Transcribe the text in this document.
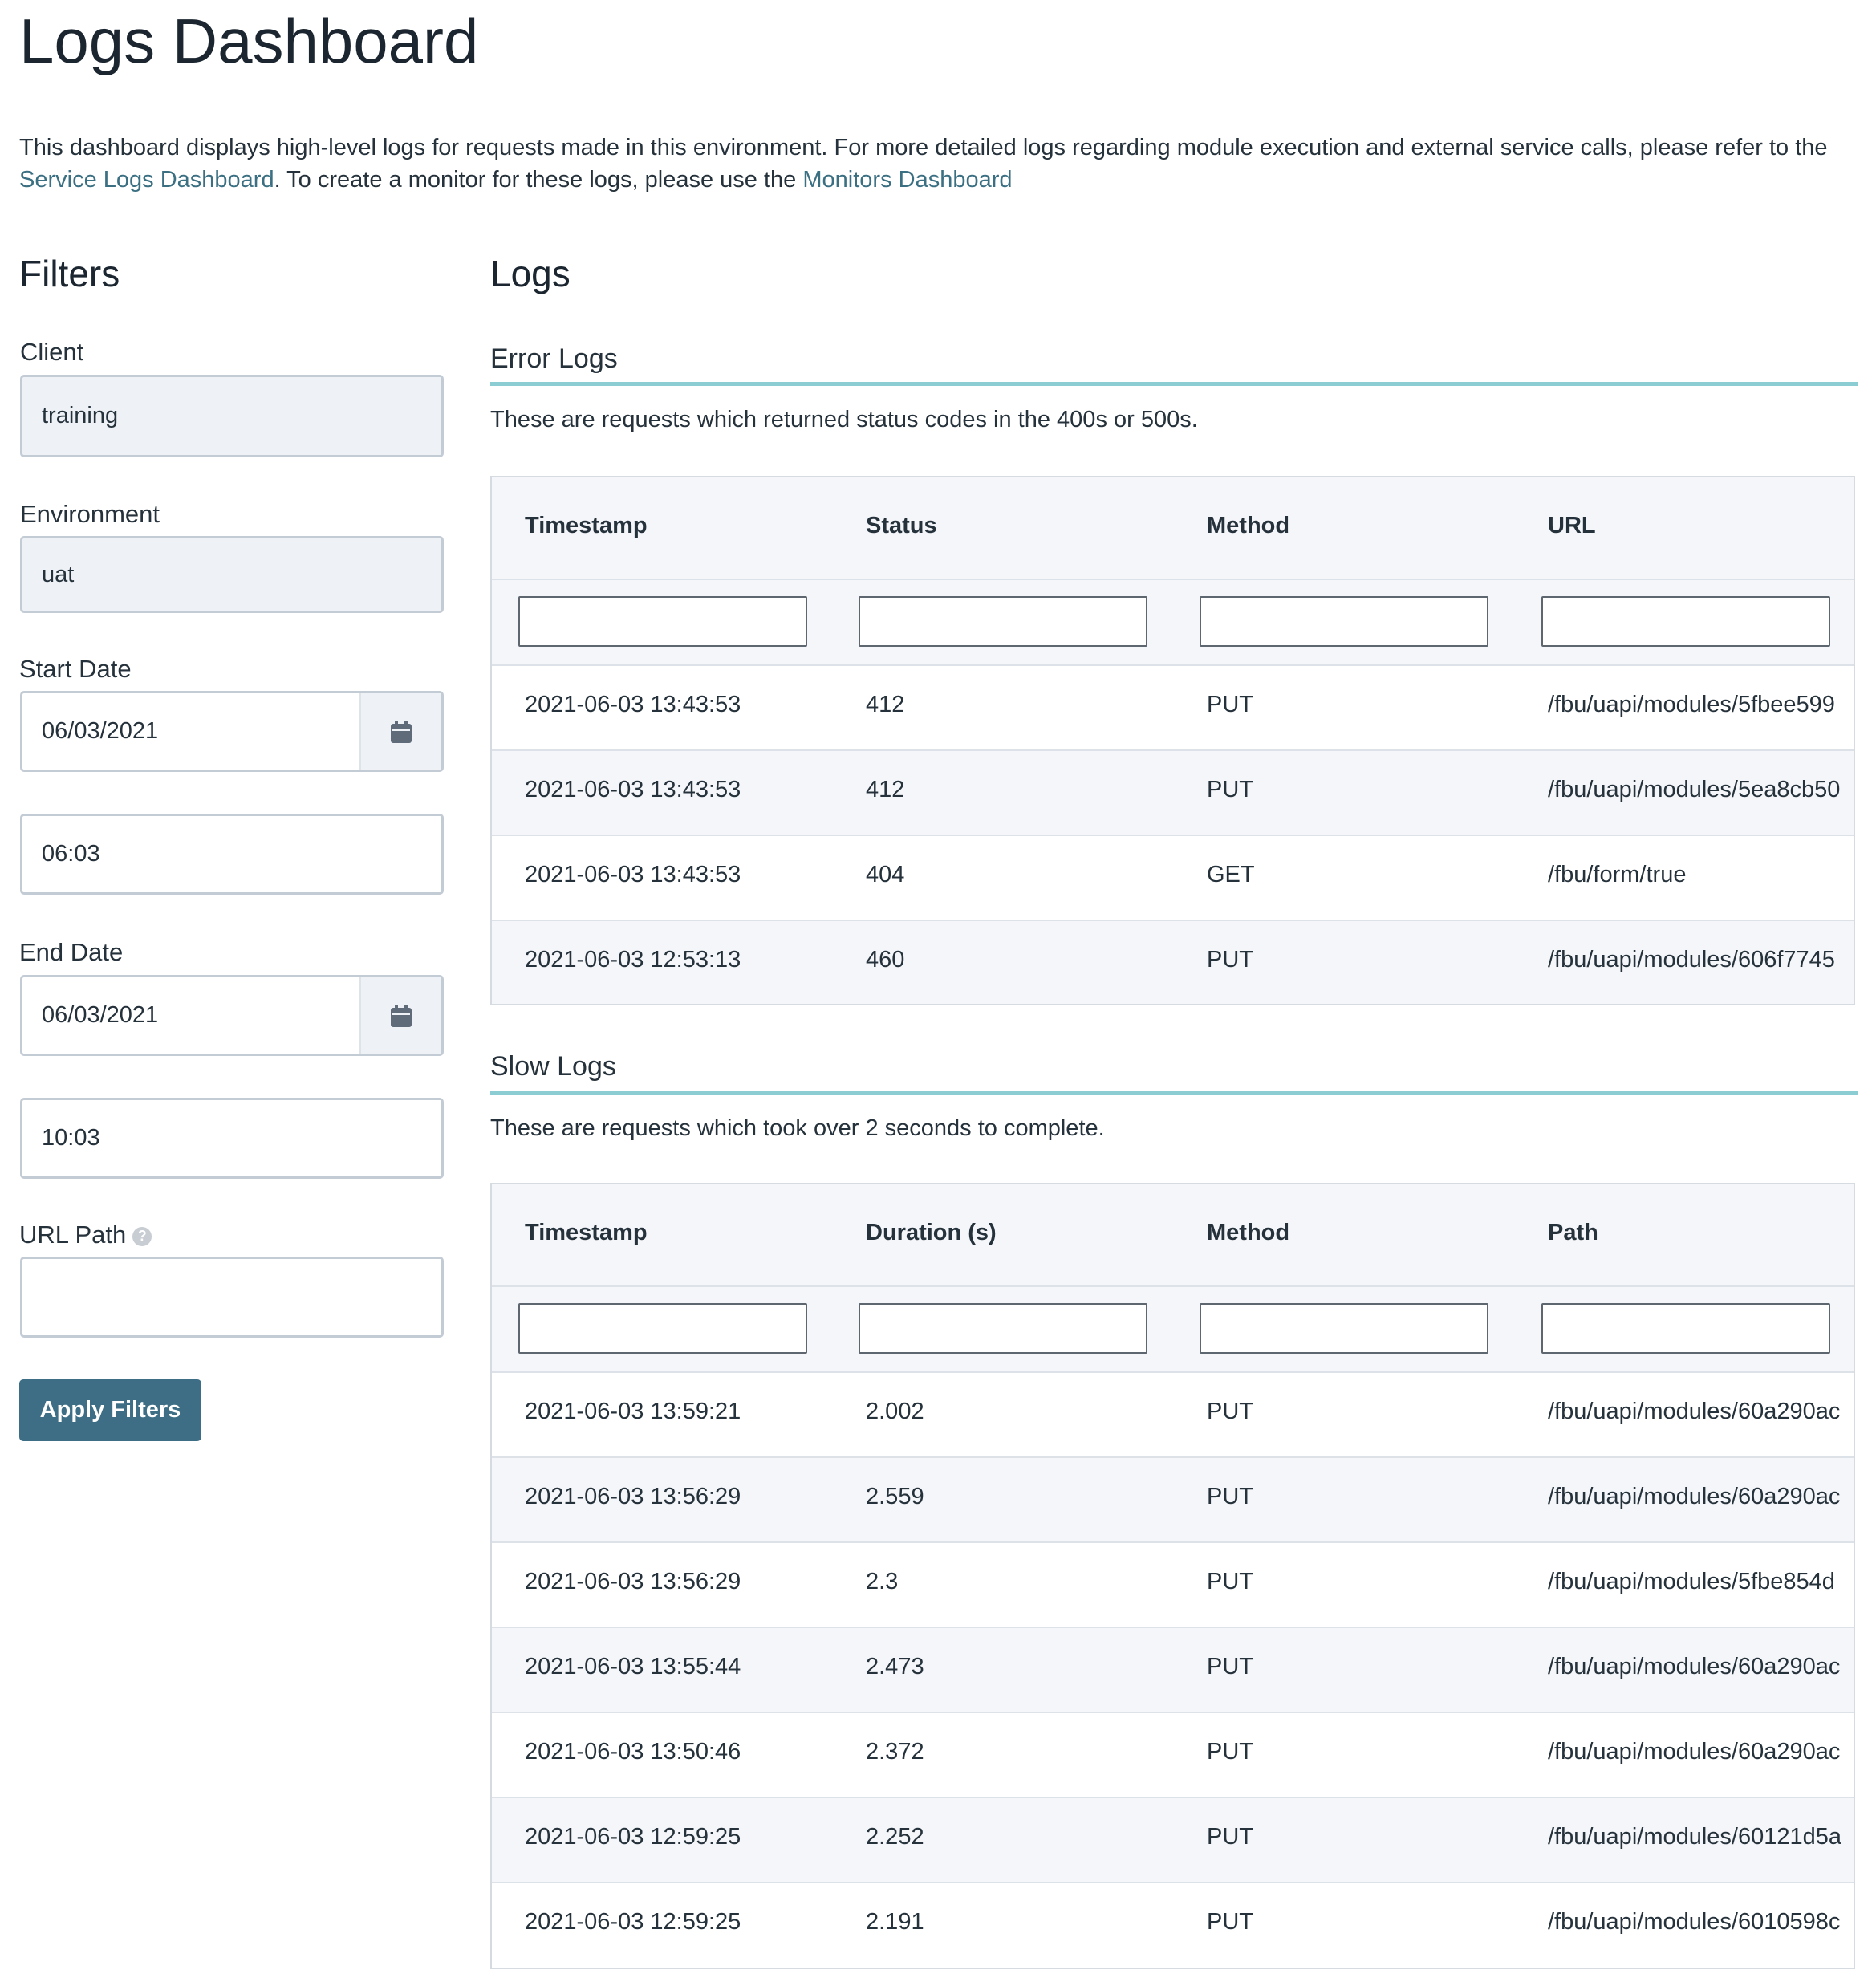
Logs Dashboard

This dashboard displays high-level logs for requests made in this environment. For more detailed logs regarding module execution and external service calls, please refer to the Service Logs Dashboard. To create a monitor for these logs, please use the Monitors Dashboard

Filters
Client
training
Environment
uat
Start Date
06/03/2021
06:03
End Date
06/03/2021
10:03
URL Path ?
Apply Filters
Logs
Error Logs

These are requests which returned status codes in the 400s or 500s.

Timestamp	Status	Method	URL
2021-06-03 13:43:53	412	PUT	/fbu/uapi/modules/5fbee599
2021-06-03 13:43:53	412	PUT	/fbu/uapi/modules/5ea8cb50
2021-06-03 13:43:53	404	GET	/fbu/form/true
2021-06-03 12:53:13	460	PUT	/fbu/uapi/modules/606f7745
Slow Logs

These are requests which took over 2 seconds to complete.

Timestamp	Duration (s)	Method	Path
2021-06-03 13:59:21	2.002	PUT	/fbu/uapi/modules/60a290ac
2021-06-03 13:56:29	2.559	PUT	/fbu/uapi/modules/60a290ac
2021-06-03 13:56:29	2.3	PUT	/fbu/uapi/modules/5fbe854d
2021-06-03 13:55:44	2.473	PUT	/fbu/uapi/modules/60a290ac
2021-06-03 13:50:46	2.372	PUT	/fbu/uapi/modules/60a290ac
2021-06-03 12:59:25	2.252	PUT	/fbu/uapi/modules/60121d5a
2021-06-03 12:59:25	2.191	PUT	/fbu/uapi/modules/6010598c
